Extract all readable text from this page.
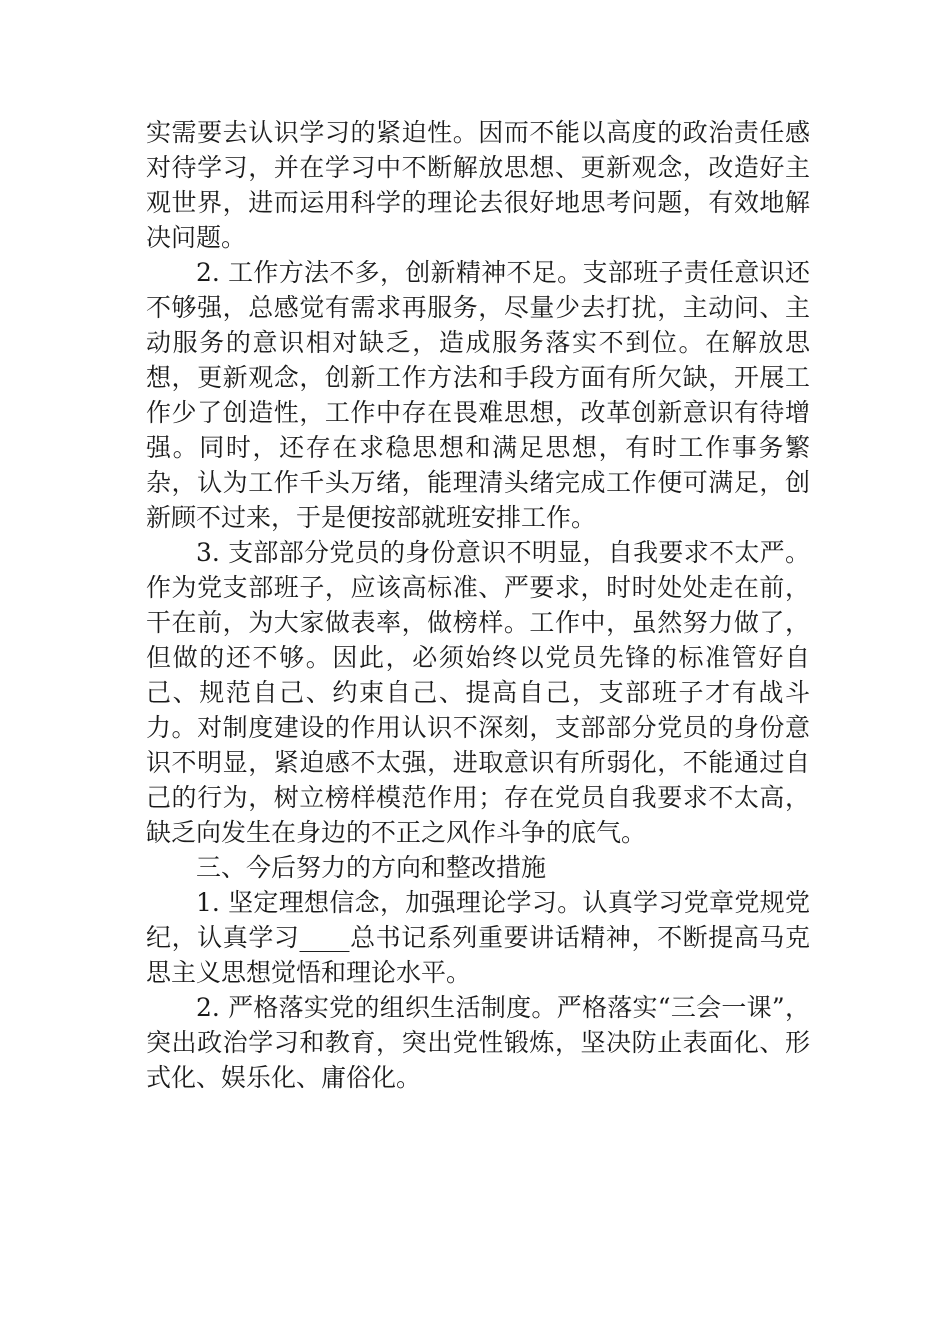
实需要去认识学习的紧迫性。因而不能以高度的政治责任感对待学习，并在学习中不断解放思想、更新观念，改造好主观世界，进而运用科学的理论去很好地思考问题，有效地解决问题。

2. 工作方法不多，创新精神不足。支部班子责任意识还不够强，总感觉有需求再服务，尽量少去打扰，主动问、主动服务的意识相对缺乏，造成服务落实不到位。在解放思想，更新观念，创新工作方法和手段方面有所欠缺，开展工作少了创造性，工作中存在畏难思想，改革创新意识有待增强。同时，还存在求稳思想和满足思想，有时工作事务繁杂，认为工作千头万绪，能理清头绪完成工作便可满足，创新顾不过来，于是便按部就班安排工作。

3. 支部部分党员的身份意识不明显，自我要求不太严。作为党支部班子，应该高标准、严要求，时时处处走在前，干在前，为大家做表率，做榜样。工作中，虽然努力做了，但做的还不够。因此，必须始终以党员先锋的标准管好自己、规范自己、约束自己、提高自己，支部班子才有战斗力。对制度建设的作用认识不深刻，支部部分党员的身份意识不明显，紧迫感不太强，进取意识有所弱化，不能通过自己的行为，树立榜样模范作用；存在党员自我要求不太高，缺乏向发生在身边的不正之风作斗争的底气。

三、今后努力的方向和整改措施

1. 坚定理想信念，加强理论学习。认真学习党章党规党纪，认真学习____总书记系列重要讲话精神，不断提高马克思主义思想觉悟和理论水平。

2. 严格落实党的组织生活制度。严格落实“三会一课”，突出政治学习和教育，突出党性锻炼，坚决防止表面化、形式化、娱乐化、庸俗化。
